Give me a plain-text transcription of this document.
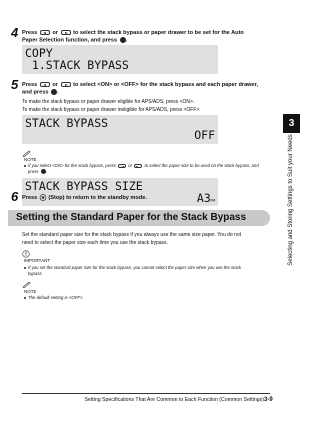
4 Press	or	to select the stack bypass or paper drawer to be set for the Auto
Paper Selection function, and press .
COPY
1.STACK BYPASS
5 Press	or	to select <ON> or <OFF> for the stack bypass and each paper drawer,
and press .
To make the stack bypass or paper drawer eligible for APS/ADS, press <ON>.
To make the stack bypass or paper drawer ineligible for APS/ADS, press <OFF>.
STACK BYPASS
OFF
NOTE
If you select <ON> for the stack bypass, press	or	to select the paper size to be used on the stack bypass, and
press .
STACK BYPASS SIZE
A3▭
6 Press (Stop) to return to the standby mode.
Setting the Standard Paper for the Stack Bypass
Set the standard paper size for the stack bypass if you always use the same size paper. You do not
need to select the paper size each time you use the stack bypass.
IMPORTANT
If you set the standard paper size for the stack bypass, you cannot select the paper size when you use the stack
bypass.
NOTE
The default setting is <OFF>.
3
Selecting and Storing Settings to Suit your Needs
Setting Specifications That Are Common to Each Function (Common Settings) 3-9
